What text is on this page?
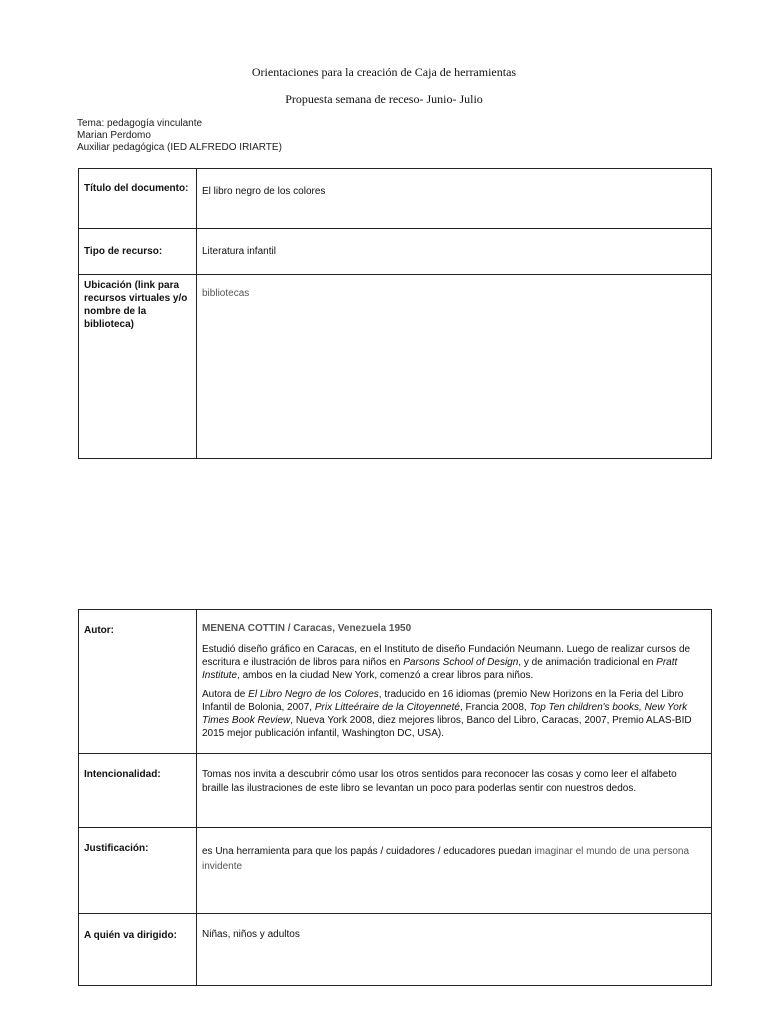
Orientaciones para la creación de Caja de herramientas
Propuesta semana de receso- Junio- Julio
Tema: pedagogía vinculante
Marian Perdomo
Auxiliar pedagógica (IED ALFREDO IRIARTE)
Título del documento:	El libro negro de los colores
Tipo de recurso:	Literatura infantil
Ubicación (link para recursos virtuales y/o nombre de la biblioteca)	bibliotecas
Autor:	MENENA COTTIN / Caracas, Venezuela 1950
Estudió diseño gráfico en Caracas, en el Instituto de diseño Fundación Neumann. Luego de realizar cursos de escritura e ilustración de libros para niños en Parsons School of Design, y de animación tradicional en Pratt Institute, ambos en la ciudad New York, comenzó a crear libros para niños.
Autora de El Libro Negro de los Colores, traducido en 16 idiomas (premio New Horizons en la Feria del Libro Infantil de Bolonia, 2007, Prix Litteéraire de la Citoyenneté, Francia 2008, Top Ten children's books, New York Times Book Review, Nueva York 2008, diez mejores libros, Banco del Libro, Caracas, 2007, Premio ALAS-BID 2015 mejor publicación infantil, Washington DC, USA).

Intencionalidad:	Tomas nos invita a descubrir cómo usar los otros sentidos para reconocer las cosas y como leer el alfabeto braille las ilustraciones de este libro se levantan un poco para poderlas sentir con nuestros dedos.
Justificación:	es Una herramienta para que los papás / cuidadores / educadores puedan imaginar el mundo de una persona invidente
A quién va dirigido:	Niñas, niños y adultos
